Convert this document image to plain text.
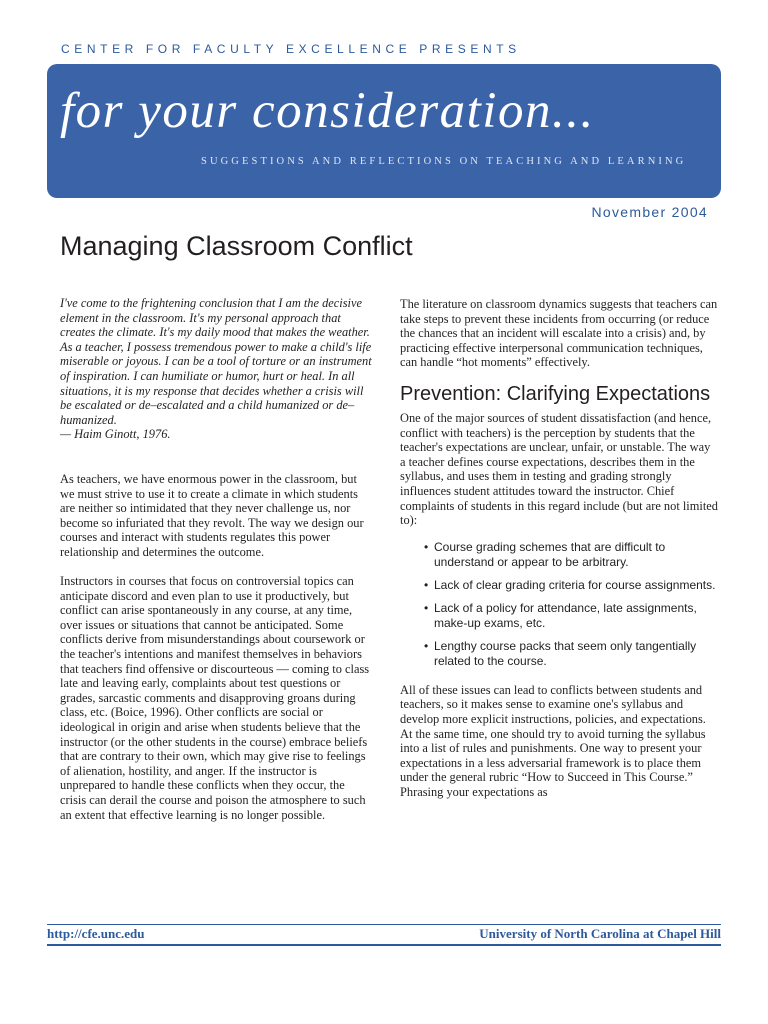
CENTER FOR FACULTY EXCELLENCE PRESENTS
for your consideration...
SUGGESTIONS AND REFLECTIONS ON TEACHING AND LEARNING
November 2004
Managing Classroom Conflict

I've come to the frightening conclusion that I am the decisive element in the classroom. It's my personal approach that creates the climate. It's my daily mood that makes the weather. As a teacher, I possess tremendous power to make a child's life miserable or joyous. I can be a tool of torture or an instrument of inspiration. I can humiliate or humor, hurt or heal. In all situations, it is my response that decides whether a crisis will be escalated or de–escalated and a child humanized or de–humanized.

— Haim Ginott, 1976.

As teachers, we have enormous power in the classroom, but we must strive to use it to create a climate in which students are neither so intimidated that they never challenge us, nor become so infuriated that they revolt. The way we design our courses and interact with students regulates this power relationship and determines the outcome.

Instructors in courses that focus on controversial topics can anticipate discord and even plan to use it productively, but conflict can arise spontaneously in any course, at any time, over issues or situations that cannot be anticipated. Some conflicts derive from misunderstandings about coursework or the teacher's intentions and manifest themselves in behaviors that teachers find offensive or discourteous — coming to class late and leaving early, complaints about test questions or grades, sarcastic comments and disapproving groans during class, etc. (Boice, 1996). Other conflicts are social or ideological in origin and arise when students believe that the instructor (or the other students in the course) embrace beliefs that are contrary to their own, which may give rise to feelings of alienation, hostility, and anger. If the instructor is unprepared to handle these conflicts when they occur, the crisis can derail the course and poison the atmosphere to such an extent that effective learning is no longer possible.

The literature on classroom dynamics suggests that teachers can take steps to prevent these incidents from occurring (or reduce the chances that an incident will escalate into a crisis) and, by practicing effective interpersonal communication techniques, can handle “hot moments” effectively.

Prevention: Clarifying Expectations

One of the major sources of student dissatisfaction (and hence, conflict with teachers) is the perception by students that the teacher's expectations are unclear, unfair, or unstable. The way a teacher defines course expectations, describes them in the syllabus, and uses them in testing and grading strongly influences student attitudes toward the instructor. Chief complaints of students in this regard include (but are not limited to):

• Course grading schemes that are difficult to understand or appear to be arbitrary.
• Lack of clear grading criteria for course assignments.
• Lack of a policy for attendance, late assignments, make-up exams, etc.
• Lengthy course packs that seem only tangentially related to the course.

All of these issues can lead to conflicts between students and teachers, so it makes sense to examine one's syllabus and develop more explicit instructions, policies, and expectations. At the same time, one should try to avoid turning the syllabus into a list of rules and punishments. One way to present your expectations in a less adversarial framework is to place them under the general rubric “How to Succeed in This Course.” Phrasing your expectations as

http://cfe.unc.edu	University of North Carolina at Chapel Hill
